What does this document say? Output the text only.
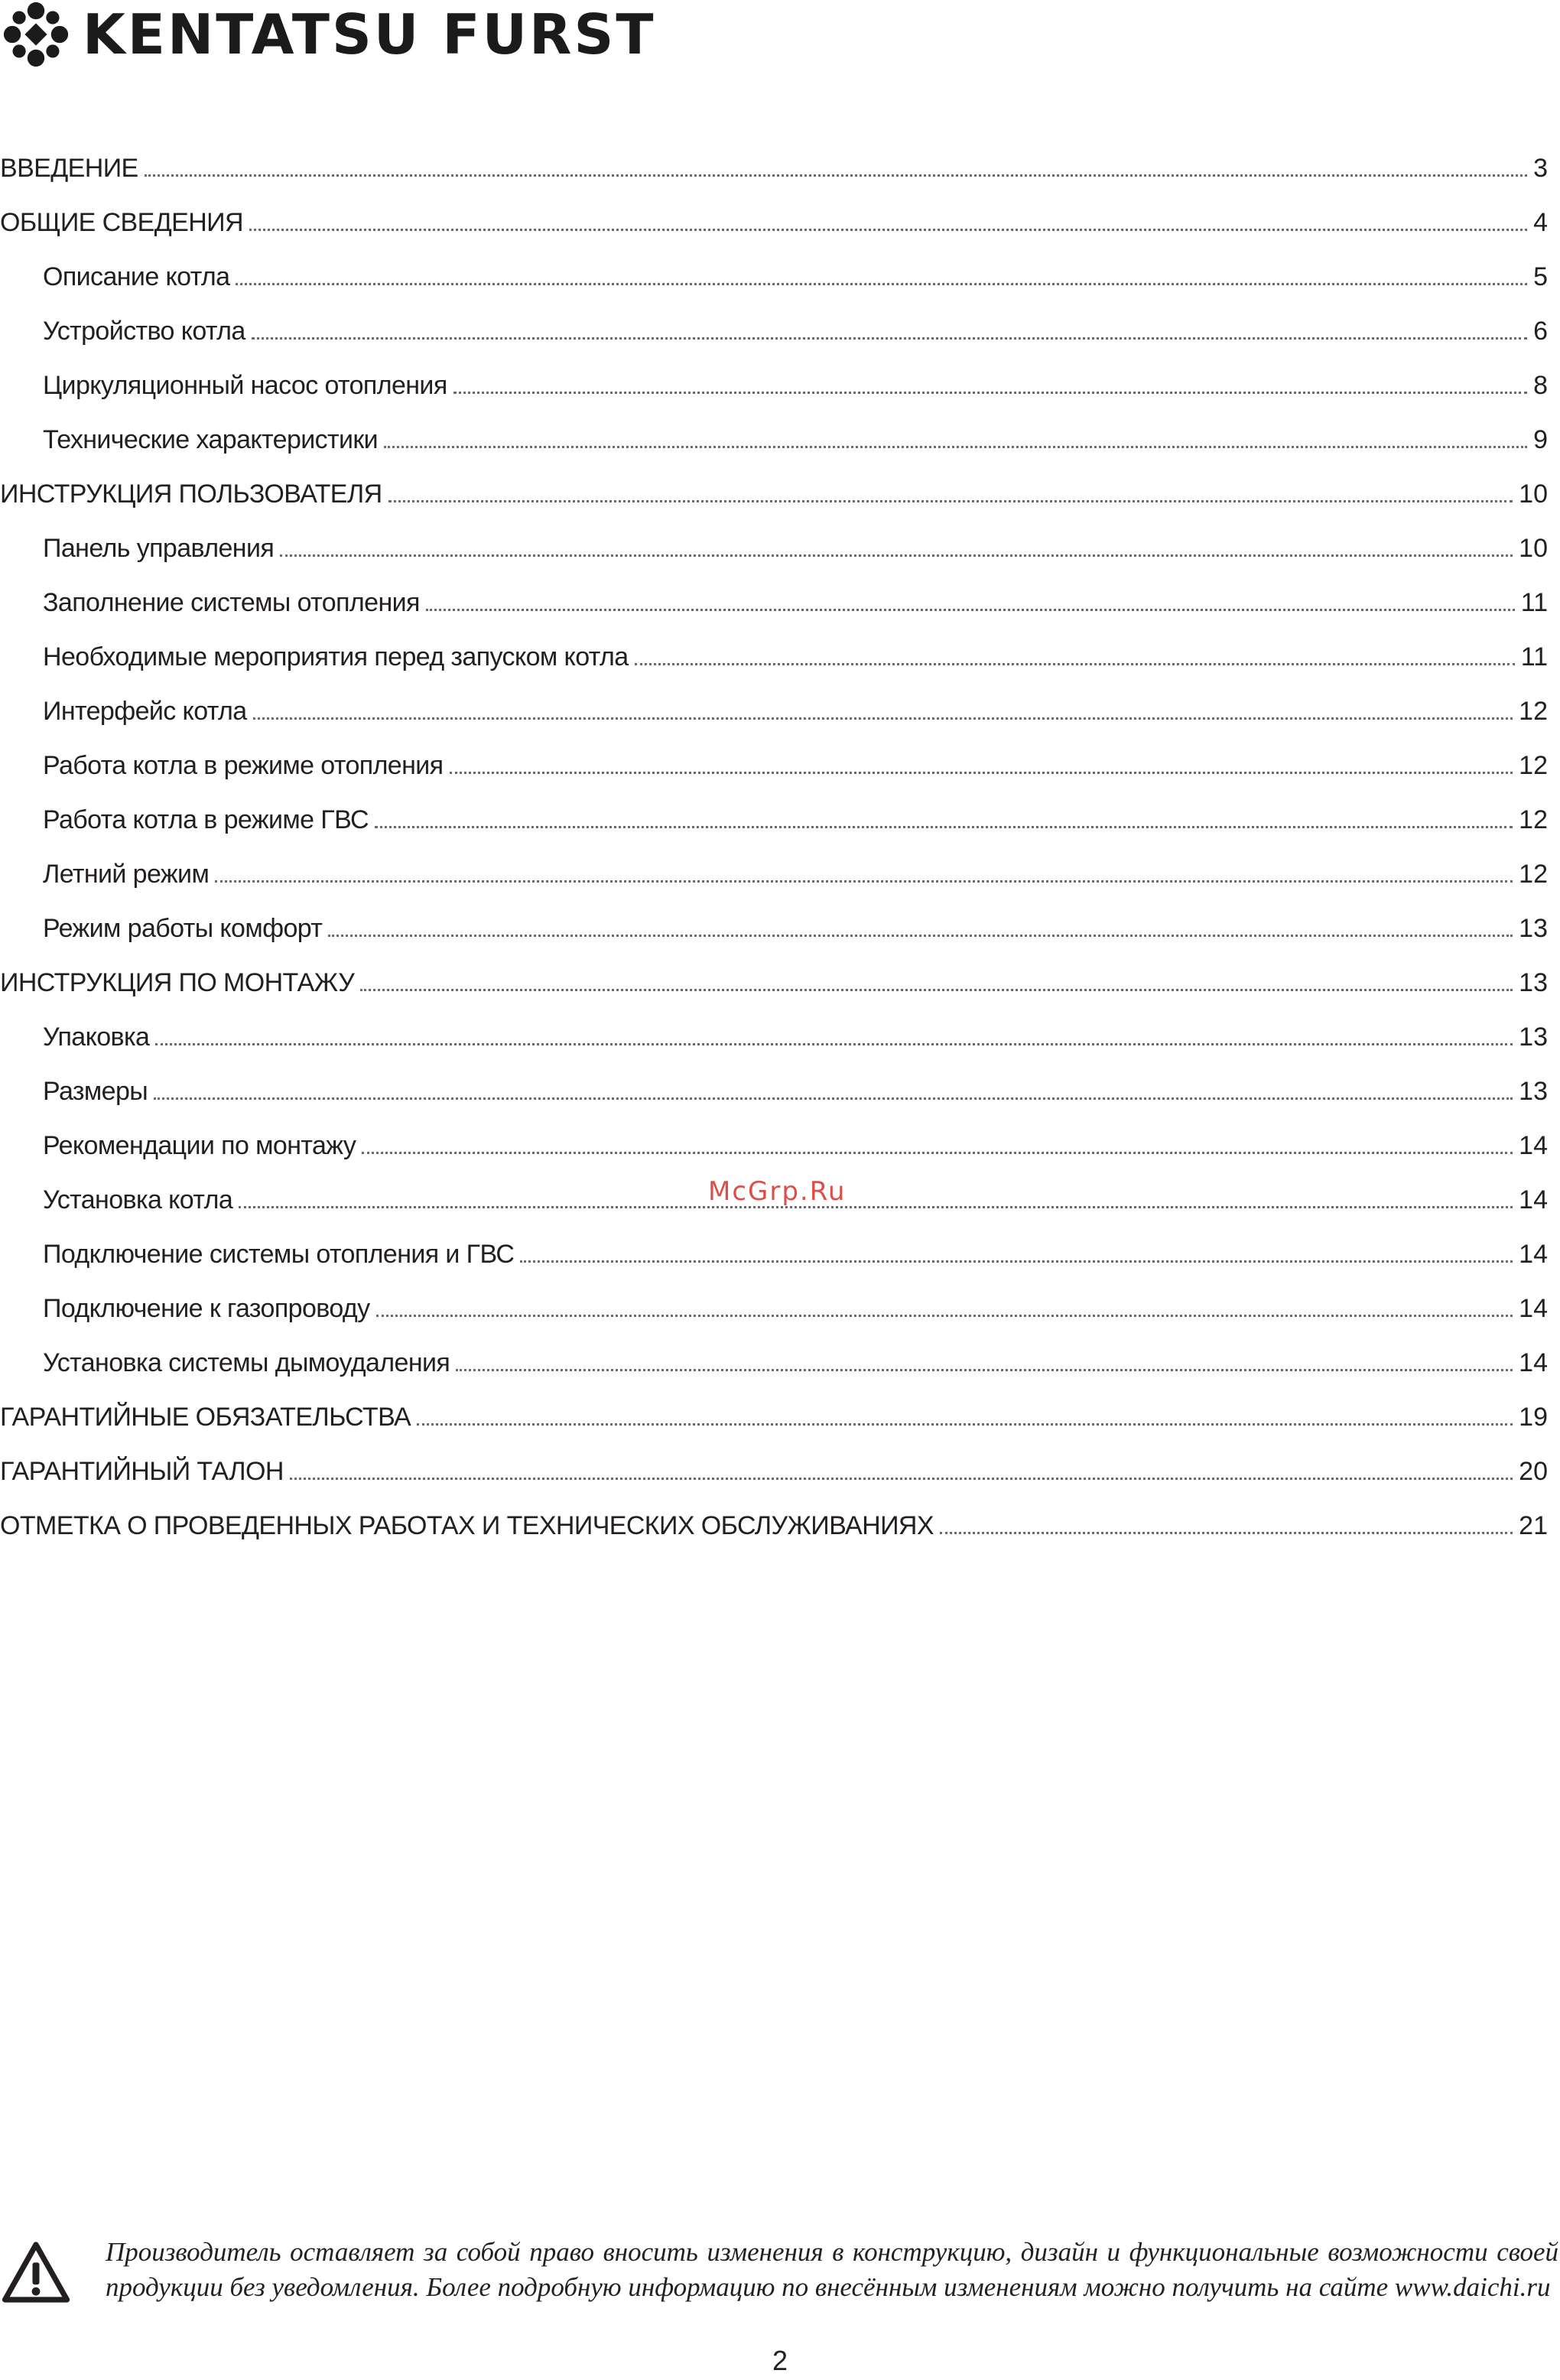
KENTATSU FURST
ВВЕДЕНИЕ	3
ОБЩИЕ СВЕДЕНИЯ	4
Описание котла	5
Устройство котла	6
Циркуляционный насос отопления	8
Технические характеристики	9
ИНСТРУКЦИЯ ПОЛЬЗОВАТЕЛЯ	10
Панель управления	10
Заполнение системы отопления	11
Необходимые мероприятия перед запуском котла	11
Интерфейс котла	12
Работа котла в режиме отопления	12
Работа котла в режиме ГВС	12
Летний режим	12
Режим работы комфорт	13
ИНСТРУКЦИЯ ПО МОНТАЖУ	13
Упаковка	13
Размеры	13
Рекомендации по монтажу	14
Установка котла	14
Подключение системы отопления и ГВС	14
Подключение к газопроводу	14
Установка системы дымоудаления	14
ГАРАНТИЙНЫЕ ОБЯЗАТЕЛЬСТВА	19
ГАРАНТИЙНЫЙ ТАЛОН	20
ОТМЕТКА О ПРОВЕДЕННЫХ РАБОТАХ И ТЕХНИЧЕСКИХ ОБСЛУЖИВАНИЯХ	21
McGrp.Ru
Производитель оставляет за собой право вносить изменения в конструкцию, дизайн и функциональные возможности своей продукции без уведомления. Более подробную информацию по внесённым изменениям можно получить на сайте www.daichi.ru
2
